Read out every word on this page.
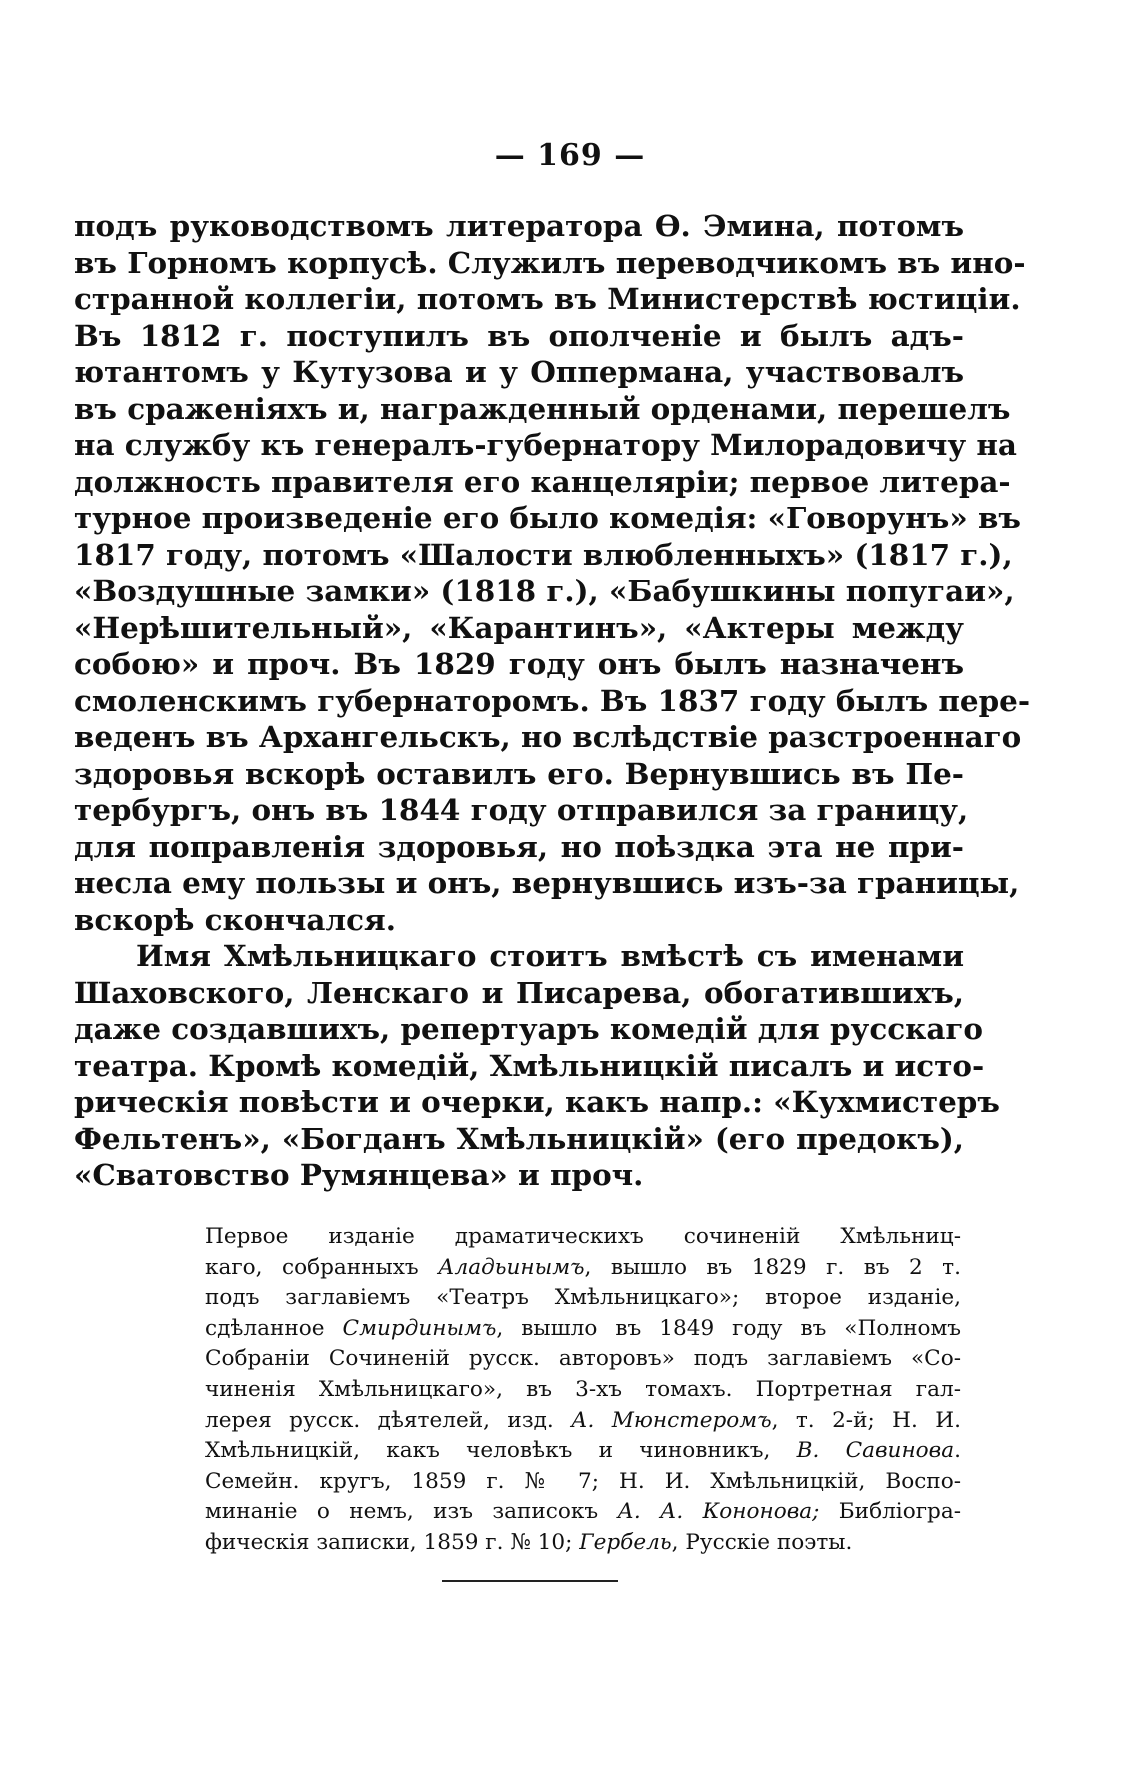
— 169 —

подъ руководствомъ литератора Ѳ. Эмина, потомъ
въ Горномъ корпусѣ. Служилъ переводчикомъ въ ино-
странной коллегіи, потомъ въ Министерствѣ юстиціи.
Въ 1812 г. поступилъ въ ополченіе и былъ адъ-
ютантомъ у Кутузова и у Оппермана, участвовалъ
въ сраженіяхъ и, награжденный орденами, перешелъ
на службу къ генералъ-губернатору Милорадовичу на
должность правителя его канцеляріи; первое литера-
турное произведеніе его было комедія: «Говорунъ» въ
1817 году, потомъ «Шалости влюбленныхъ» (1817 г.),
«Воздушные замки» (1818 г.), «Бабушкины попугаи»,
«Нерѣшительный», «Карантинъ», «Актеры между
собою» и проч. Въ 1829 году онъ былъ назначенъ
смоленскимъ губернаторомъ. Въ 1837 году былъ пере-
веденъ въ Архангельскъ, но вслѣдствіе разстроеннаго
здоровья вскорѣ оставилъ его. Вернувшись въ Пе-
тербургъ, онъ въ 1844 году отправился за границу,
для поправленія здоровья, но поѣздка эта не при-
несла ему пользы и онъ, вернувшись изъ-за границы,
вскорѣ скончался.

Имя Хмѣльницкаго стоитъ вмѣстѣ съ именами
Шаховского, Ленскаго и Писарева, обогатившихъ,
даже создавшихъ, репертуаръ комедій для русскаго
театра. Кромѣ комедій, Хмѣльницкій писалъ и исто-
рическія повѣсти и очерки, какъ напр.: «Кухмистеръ
Фельтенъ», «Богданъ Хмѣльницкій» (его предокъ),
«Сватовство Румянцева» и проч.

Первое изданіе драматическихъ сочиненій Хмѣльниц-
каго, собранныхъ Аладьинымъ, вышло въ 1829 г. въ 2 т.
подъ заглавіемъ «Театръ Хмѣльницкаго»; второе изданіе,
сдѣланное Смирдинымъ, вышло въ 1849 году въ «Полномъ
Собраніи Сочиненій русск. авторовъ» подъ заглавіемъ «Со-
чиненія Хмѣльницкаго», въ 3-хъ томахъ. Портретная гал-
лерея русск. дѣятелей, изд. А. Мюнстеромъ, т. 2-й; Н. И.
Хмѣльницкій, какъ человѣкъ и чиновникъ, В. Савинова.
Семейн. кругъ, 1859 г. № 7; Н. И. Хмѣльницкій, Воспо-
минаніе о немъ, изъ записокъ А. А. Кононова; Библіогра-
фическія записки, 1859 г. № 10; Гербель, Русскіе поэты.
